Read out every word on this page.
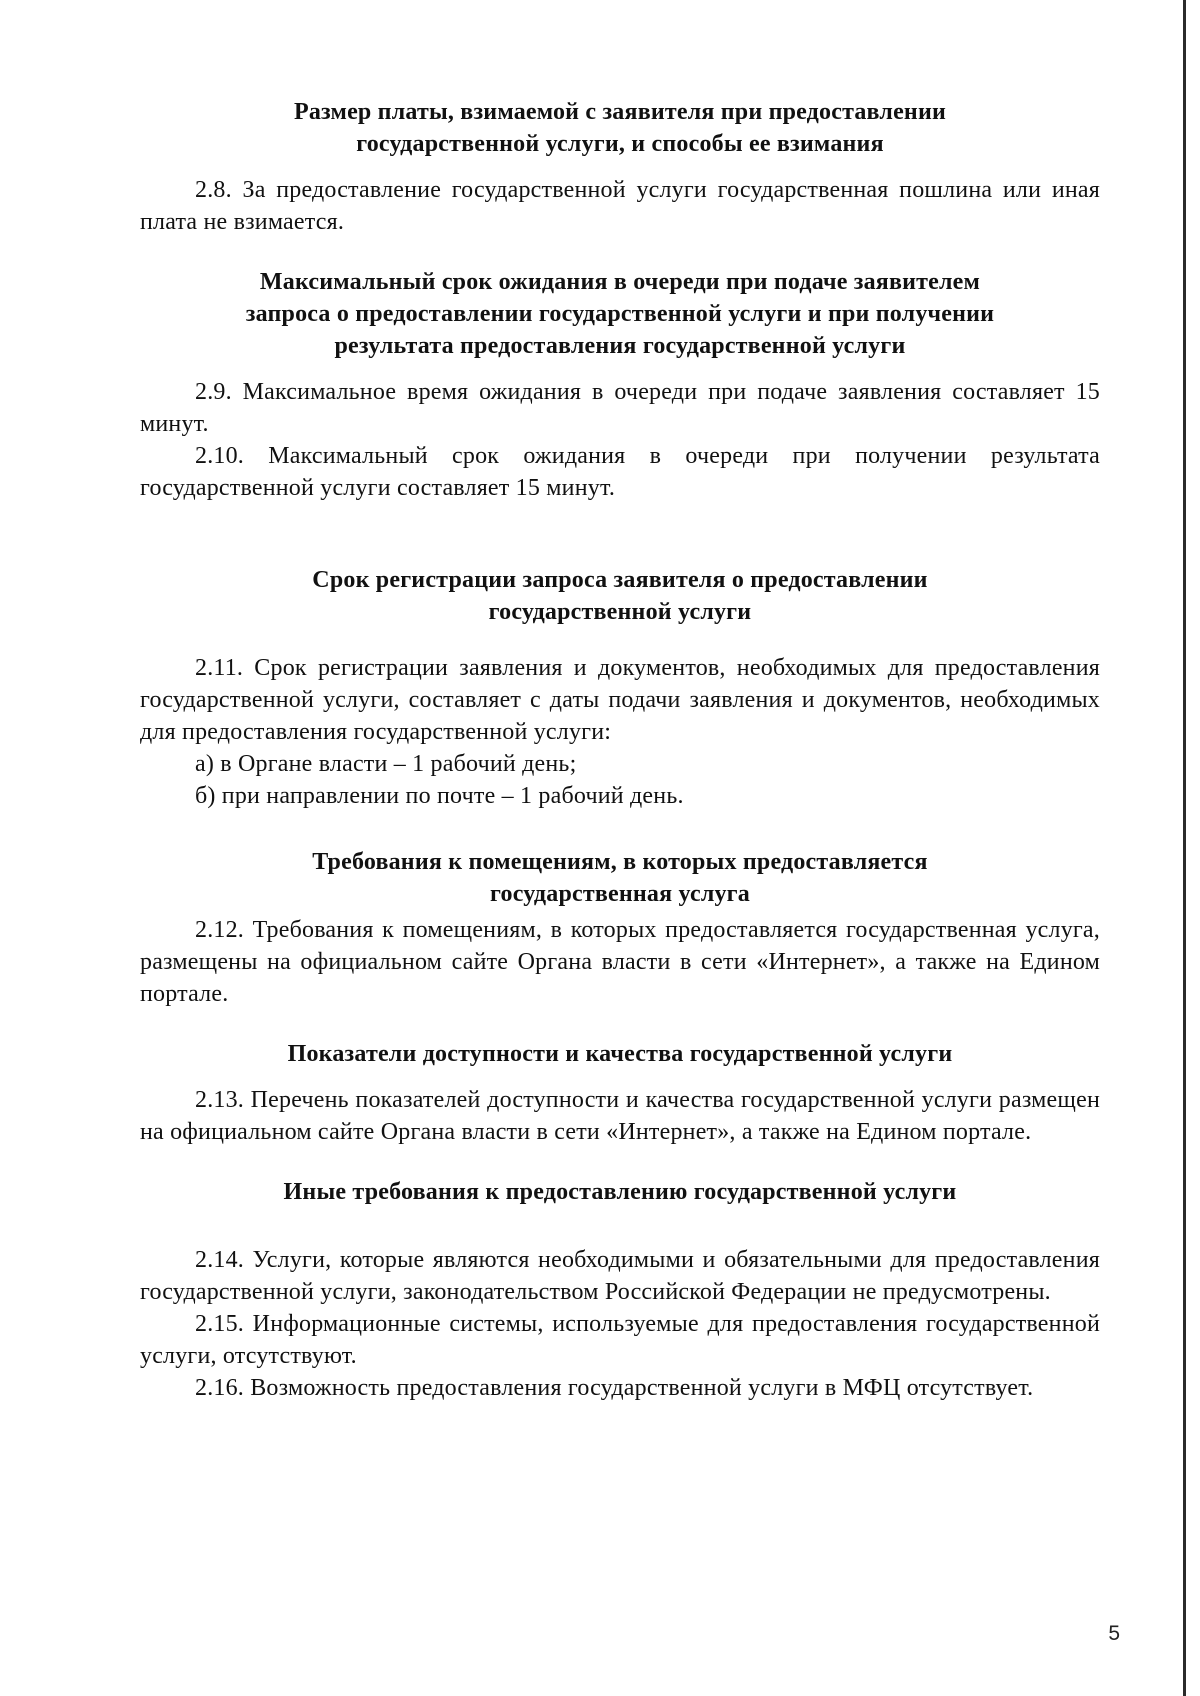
Размер платы, взимаемой с заявителя при предоставлении
государственной услуги, и способы ее взимания

2.8. За предоставление государственной услуги государственная пошлина или иная плата не взимается.

Максимальный срок ожидания в очереди при подаче заявителем
запроса о предоставлении государственной услуги и при получении
результата предоставления государственной услуги

2.9. Максимальное время ожидания в очереди при подаче заявления составляет 15 минут.

2.10. Максимальный срок ожидания в очереди при получении результата государственной услуги составляет 15 минут.

Срок регистрации запроса заявителя о предоставлении
государственной услуги

2.11. Срок регистрации заявления и документов, необходимых для предоставления государственной услуги, составляет с даты подачи заявления и документов, необходимых для предоставления государственной услуги:

а) в Органе власти – 1 рабочий день;

б) при направлении по почте – 1 рабочий день.

Требования к помещениям, в которых предоставляется
государственная услуга

2.12. Требования к помещениям, в которых предоставляется государственная услуга, размещены на официальном сайте Органа власти в сети «Интернет», а также на Едином портале.

Показатели доступности и качества государственной услуги

2.13. Перечень показателей доступности и качества государственной услуги размещен на официальном сайте Органа власти в сети «Интернет», а также на Едином портале.

Иные требования к предоставлению государственной услуги

2.14. Услуги, которые являются необходимыми и обязательными для предоставления государственной услуги, законодательством Российской Федерации не предусмотрены.

2.15. Информационные системы, используемые для предоставления государственной услуги, отсутствуют.

2.16. Возможность предоставления государственной услуги в МФЦ отсутствует.

5
